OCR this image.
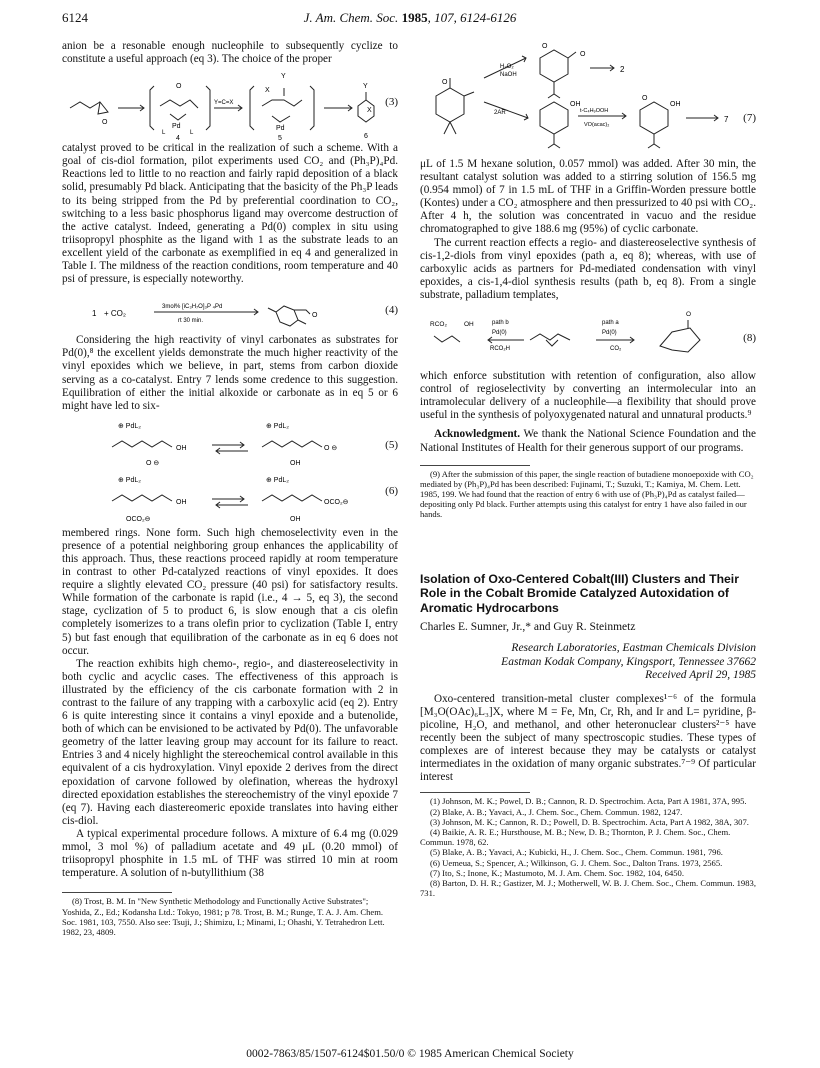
6124	J. Am. Chem. Soc. 1985, 107, 6124-6126

anion be a resonable enough nucleophile to subsequently cyclize to constitute a useful approach (eq 3). The choice of the proper

O
O
Pd
L	L
Y=C=X
Y
X
Pd
Y
X
4	5	6
(3)

catalyst proved to be critical in the realization of such a scheme. With a goal of cis-diol formation, pilot experiments used CO₂ and (Ph₃P)₄Pd. Reactions led to little to no reaction and fairly rapid deposition of a black solid, presumably Pd black. Anticipating that the basicity of the Ph₃P leads to its being stripped from the Pd by preferential coordination to CO₂, switching to a less basic phosphorus ligand may overcome destruction of the active catalyst. Indeed, generating a Pd(0) complex in situ using triisopropyl phosphite as the ligand with 1 as the substrate leads to an excellent yield of the carbonate as exemplified in eq 4 and generalized in Table I. The mildness of the reaction conditions, room temperature and 40 psi of pressure, is especially noteworthy.

1 + CO₂
3mol% [iC₃H₇O]₃P ₄Pd
rt 30 min.
O	(4)

Considering the high reactivity of vinyl carbonates as substrates for Pd(0),⁸ the excellent yields demonstrate the much higher reactivity of the vinyl epoxides which we believe, in part, stems from carbon dioxide serving as a co-catalyst. Entry 7 lends some credence to this suggestion. Equilibration of either the initial alkoxide or carbonate as in eq 5 or 6 might have led to six-

⊕ PdL₂	⊕ PdL₂
OH
O ⊖
O ⊖
OH
(5)
⊕ PdL₂	⊕ PdL₂
OH
OCO₂⊖
OCO₂⊖
OH
(6)

membered rings. None form. Such high chemoselectivity even in the presence of a potential neighboring group enhances the applicability of this approach. Thus, these reactions proceed rapidly at room temperature in contrast to other Pd-catalyzed reactions of vinyl epoxides. It does require a slightly elevated CO₂ pressure (40 psi) for satisfactory results. While formation of the carbonate is rapid (i.e., 4 → 5, eq 3), the second stage, cyclization of 5 to product 6, is slow enough that a cis olefin completely isomerizes to a trans olefin prior to cyclization (Table I, entry 5) but fast enough that equilibration of the carbonate as in eq 6 does not occur.

The reaction exhibits high chemo-, regio-, and diastereoselectivity in both cyclic and acyclic cases. The effectiveness of this approach is illustrated by the efficiency of the cis carbonate formation with 2 in contrast to the failure of any trapping with a carboxylic acid (eq 2). Entry 6 is quite interesting since it contains a vinyl epoxide and a butenolide, both of which can be envisioned to be activated by Pd(0). The unfavorable geometry of the latter leaving group may account for its failure to react. Entries 3 and 4 nicely highlight the stereochemical control available in this equivalent of a cis hydroxylation. Vinyl epoxide 2 derives from the direct epoxidation of carvone followed by olefination, whereas the hydroxyl directed epoxidation establishes the stereochemistry of the vinyl epoxide 7 (eq 7). Having each diastereomeric epoxide translates into having either cis-diol.

A typical experimental procedure follows. A mixture of 6.4 mg (0.029 mmol, 3 mol %) of palladium acetate and 49 μL (0.20 mmol) of triisopropyl phosphite in 1.5 mL of THF was stirred 10 min at room temperature. A solution of n-butyllithium (38

(8) Trost, B. M. In "New Synthetic Methodology and Functionally Active Substrates"; Yoshida, Z., Ed.; Kodansha Ltd.: Tokyo, 1981; p 78. Trost, B. M.; Runge, T. A. J. Am. Chem. Soc. 1981, 103, 7550. Also see: Tsuji, J.; Shimizu, I.; Minami, I.; Ohashi, Y. Tetrahedron Lett. 1982, 23, 4809.
H₂O₂
NaOH
O
O
O
2
2AR
OH
t-C₄H₉OOH
VO(acac)₂
O
OH
7 (7)

μL of 1.5 M hexane solution, 0.057 mmol) was added. After 30 min, the resultant catalyst solution was added to a stirring solution of 156.5 mg (0.954 mmol) of 7 in 1.5 mL of THF in a Griffin-Worden pressure bottle (Kontes) under a CO₂ atmosphere and then pressurized to 40 psi with CO₂. After 4 h, the solution was concentrated in vacuo and the residue chromatographed to give 188.6 mg (95%) of cyclic carbonate.

The current reaction effects a regio- and diastereoselective synthesis of cis-1,2-diols from vinyl epoxides (path a, eq 8); whereas, with use of carboxylic acids as partners for Pd-mediated condensation with vinyl epoxides, a cis-1,4-diol synthesis results (path b, eq 8). From a single substrate, palladium templates,

RCO₂	OH	path b
Pd(0)
RCO₂H
path a
Pd(0)
CO₂
O
(8)

which enforce substitution with retention of configuration, also allow control of regioselectivity by converting an intermolecular into an intramolecular delivery of a nucleophile—a flexibility that should prove useful in the synthesis of polyoxygenated natural and unnatural products.⁹

Acknowledgment. We thank the National Science Foundation and the National Institutes of Health for their generous support of our programs.

(9) After the submission of this paper, the single reaction of butadiene monoepoxide with CO₂ mediated by (Ph₃P)₄Pd has been described: Fujinami, T.; Suzuki, T.; Kamiya, M. Chem. Lett. 1985, 199. We had found that the reaction of entry 6 with use of (Ph₃P)₄Pd as catalyst failed—depositing only Pd black. Further attempts using this catalyst for entry 1 have also failed in our hands.
Isolation of Oxo-Centered Cobalt(III) Clusters and Their Role in the Cobalt Bromide Catalyzed Autoxidation of Aromatic Hydrocarbons
Charles E. Sumner, Jr.,* and Guy R. Steinmetz
Research Laboratories, Eastman Chemicals Division
Eastman Kodak Company, Kingsport, Tennessee 37662
Received April 29, 1985

Oxo-centered transition-metal cluster complexes¹⁻⁶ of the formula [M₃O(OAc)₆L₃]X, where M = Fe, Mn, Cr, Rh, and Ir and L= pyridine, β-picoline, H₂O, and methanol, and other heteronuclear clusters²⁻⁵ have recently been the subject of many spectroscopic studies. These types of complexes are of interest because they may be catalysts or catalyst intermediates in the oxidation of many organic substrates.⁷⁻⁹ Of particular interest

(1) Johnson, M. K.; Powel, D. B.; Cannon, R. D. Spectrochim. Acta, Part A 1981, 37A, 995.
(2) Blake, A. B.; Yavaci, A., J. Chem. Soc., Chem. Commun. 1982, 1247.
(3) Johnson, M. K.; Cannon, R. D.; Powell, D. B. Spectrochim. Acta, Part A 1982, 38A, 307.
(4) Baikie, A. R. E.; Hursthouse, M. B.; New, D. B.; Thornton, P. J. Chem. Soc., Chem. Commun. 1978, 62.
(5) Blake, A. B.; Yavaci, A.; Kubicki, H., J. Chem. Soc., Chem. Commun. 1981, 796.
(6) Uemeua, S.; Spencer, A.; Wilkinson, G. J. Chem. Soc., Dalton Trans. 1973, 2565.
(7) Ito, S.; Inone, K.; Mastumoto, M. J. Am. Chem. Soc. 1982, 104, 6450.
(8) Barton, D. H. R.; Gastizer, M. J.; Motherwell, W. B. J. Chem. Soc., Chem. Commun. 1983, 731.
0002-7863/85/1507-6124$01.50/0 © 1985 American Chemical Society
